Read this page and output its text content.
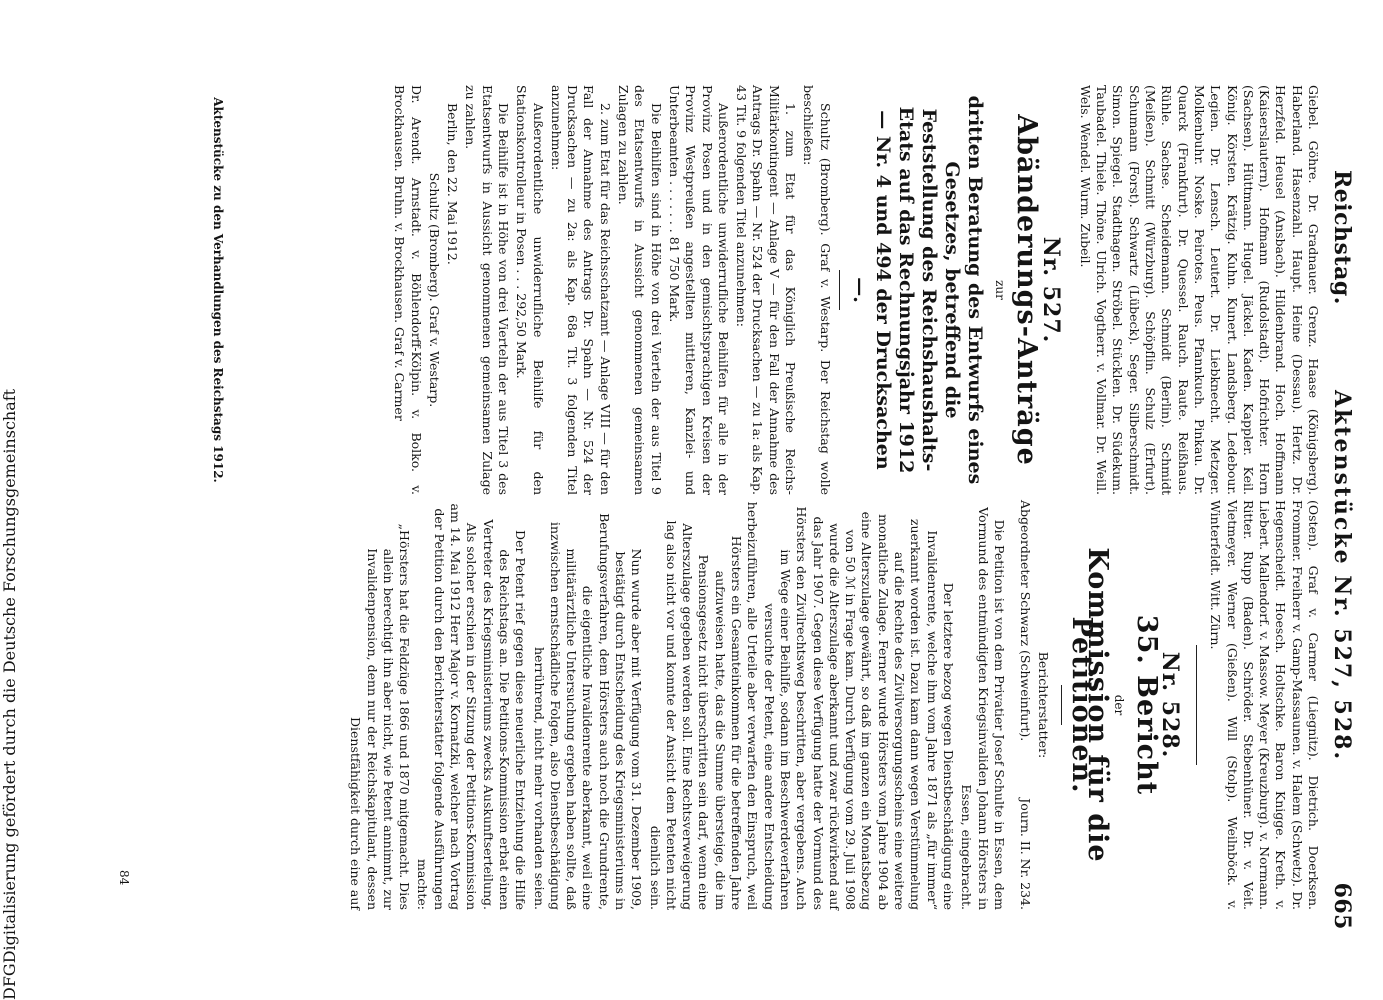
Reichstag.
Aktenstücke Nr. 527, 528.
665
Giebel. Göhre. Dr. Gradnauer. Grenz. Haase (Königsberg). Haberland. Hasenzahl. Haupt. Heine (Dessau). Hertz. Dr. Herzfeld. Heusel (Ansbach). Hildenbrand. Hoch. Hoffmann (Kaiserslautern). Hofmann (Rudolstadt). Hofrichter. Horn (Sachsen). Hüttmann. Hugel. Jäckel. Kaden. Kappler. Keil. König. Körsten. Krätzig. Kuhn. Kunert. Landsberg. Ledebour. Legien. Dr. Lensch. Leutert. Dr. Liebknecht. Metzger. Molkenbuhr. Noske. Peirotes. Peus. Pfannkuch. Pinkau. Dr. Quarck (Frankfurt). Dr. Quessel. Rauch. Raute. Reißhaus. Rühle. Sachse. Scheidemann. Schmidt (Berlin). Schmidt (Meißen). Schmitt (Würzburg). Schöpflin. Schulz (Erfurt). Schumann (Forst). Schwartz (Lübeck). Seger. Silberschmidt. Simon. Spiegel. Stadthagen. Ströbel. Stücklen. Dr. Südekum. Taubadel. Thiele. Thöne. Ulrich. Vogtherr. v. Vollmar. Dr. Weill. Wels. Wendel. Wurm. Zubeil.
Nr. 527.
Abänderungs-Anträge
zur
dritten Beratung des Entwurfs eines Gesetzes, betreffend die Feststellung des Reichshaushalts-Etats auf das Rechnungsjahr 1912 — Nr. 4 und 494 der Drucksachen —.

Schultz (Bromberg). Graf v. Westarp. Der Reichstag wolle beschließen:

1. zum Etat für das Königlich Preußische Reichs-Militärkontingent — Anlage V — für den Fall der Annahme des Antrags Dr. Spahn — Nr. 524 der Drucksachen — zu 1a: als Kap. 43 Tit. 9 folgenden Titel anzunehmen:

Außerordentliche unwiderrufliche Beihilfen für alle in der Provinz Posen und in den gemischtsprachigen Kreisen der Provinz Westpreußen angestellten mittleren, Kanzlei- und Unterbeamten . . . . . . . 81 750 Mark.

Die Beihilfen sind in Höhe von drei Vierteln der aus Titel 9 des Etatsentwurfs in Aussicht genommenen gemeinsamen Zulagen zu zahlen.

2. zum Etat für das Reichsschatzamt — Anlage VIII — für den Fall der Annahme des Antrags Dr. Spahn — Nr. 524 der Drucksachen — zu 2a: als Kap. 68a Tit. 3 folgenden Titel anzunehmen:

Außerordentliche unwiderrufliche Beihilfe für den Stationskontrolleur in Posen . . . 292,50 Mark.

Die Beihilfe ist in Höhe von drei Vierteln der aus Titel 3 des Etatsentwurfs in Aussicht genommenen gemeinsamen Zulage zu zahlen.

Berlin, den 22. Mai 1912.

Schultz (Bromberg). Graf v. Westarp.

Dr. Arendt. Arnstadt. v. Böhlendorff-Kölpin. v. Bolko. v. Brockhausen. Bruhn. v. Brockhausen. Graf v. Carmer

Aktenstücke zu den Verhandlungen des Reichstags 1912.
(Osten). Graf v. Carmer (Liegnitz). Dietrich. Doerksen. Frommer. Freiherr v. Gamp-Massaunen. v. Halem (Schwetz). Dr. Hegenscheidt. Hoesch. Holtschke. Baron Knigge. Kreth. v. Liebert. Mallendorf. v. Massow. Meyer (Kreuzburg). v. Normann. Ritter. Rupp (Baden). Schröder. Stebenhüner. Dr. v. Veit. Vietmeyer. Werner (Gießen). Will (Stolp). Weilnböck. v. Winterfeldt. Witt. Zürn.
Nr. 528.
35. Bericht
der
Kommission für die Petitionen.
Berichterstatter:
Abgeordneter Schwarz (Schweinfurt).
Journ. II. Nr. 234.

Die Petition ist von dem Privatier Josef Schulte in Essen, dem Vormund des entmündigten Kriegsinvaliden Johann Hörsters in Essen, eingebracht.

Der letztere bezog wegen Dienstbeschädigung eine Invalidenrente, welche ihm vom Jahre 1871 als „für immer“ zuerkannt worden ist. Dazu kam dann wegen Verstümmelung auf die Rechte des Zivilversorgungsscheins eine weitere monatliche Zulage. Ferner wurde Hörsters vom Jahre 1904 ab eine Alterszulage gewährt, so daß im ganzen ein Monatsbezug von 50 ℳ in Frage kam. Durch Verfügung vom 29. Juli 1908 wurde die Alterszulage aberkannt und zwar rückwirkend auf das Jahr 1907. Gegen diese Verfügung hatte der Vormund des Hörsters den Zivilrechtsweg beschritten, aber vergebens. Auch im Wege einer Beihilfe, sodann im Beschwerdeverfahren versuchte der Petent, eine andere Entscheidung herbeizuführen, alle Urteile aber verwarfen den Einspruch, weil Hörsters ein Gesamteinkommen für die betreffenden Jahre aufzuweisen hatte, das die Summe übersteige, die im Pensionsgesetz nicht überschritten sein darf, wenn eine Alterszulage gegeben werden soll. Eine Rechtsverweigerung lag also nicht vor und konnte der Ansicht dem Petenten nicht dienlich sein.

Nun wurde aber mit Verfügung vom 31. Dezember 1909, bestätigt durch Entscheidung des Kriegsministeriums in Berufungsverfahren, dem Hörsters auch noch die Grundrente, die eigentliche Invalidenrente aberkannt, weil eine militärärztliche Untersuchung ergeben haben sollte, daß inzwischen ernstschädliche Folgen, also Dienstbeschädigung herrührend, nicht mehr vorhanden seien.

Der Petent rief gegen diese neuerliche Entziehung die Hilfe des Reichstags an. Die Petitions-Kommission erbat einen Vertreter des Kriegsministeriums zwecks Auskunftserteilung. Als solcher erschien in der Sitzung der Petitions-Kommission am 14. Mai 1912 Herr Major v. Kornatzki, welcher nach Vortrag der Petition durch den Berichterstatter folgende Ausführungen machte:

„Hörsters hat die Feldzüge 1866 und 1870 mitgemacht. Dies allein berechtigt ihn aber nicht, wie Petent annimmt, zur Invalidenpension, denn nur der Reichskapitulant, dessen Dienstfähigkeit durch eine auf

84
DFGDigitalisierung gefördert durch die Deutsche Forschungsgemeinschaft
